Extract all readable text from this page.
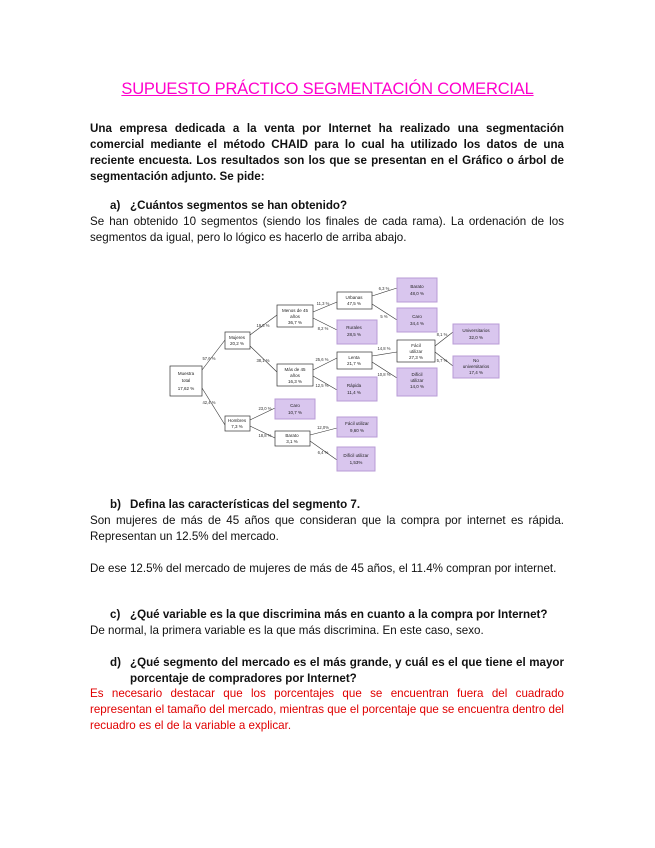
SUPUESTO PRÁCTICO SEGMENTACIÓN COMERCIAL
Una empresa dedicada a la venta por Internet ha realizado una segmentación comercial mediante el método CHAID para lo cual ha utilizado los datos de una reciente encuesta. Los resultados son los que se presentan en el Gráfico o árbol de segmentación adjunto. Se pide:
a) ¿Cuántos segmentos se han obtenido?
Se han obtenido 10 segmentos (siendo los finales de cada rama). La ordenación de los segmentos da igual, pero lo lógico es hacerlo de arriba abajo.
Muestra
total
17,62 %
Mujeres
20,2 %
Hombres
7,3 %
Menos de 45
años
36,7 %
Más de 45
años
16,3 %
Urbanas
47,5 %
Rurales
28,5 %
Lenta
21,7 %
Rápida
11,4 %
Barato
48,0 %
Caro
34,4 %
Fácil
utilizar
27,3 %
Difícil
utilizar
14,0 %
Universitarios
32,0 %
No
universitarios
17,4 %
Caro
10,7 %
Barato
3,1 %
Fácil utilizar
9,60 %
Difícil utilizar
1,53%
57,6 %
42,4 %
19,5 %
38,1 %
11,3 %
8,2 %
25,6 %
12,5 %
6,3 %
5 %
14,8 %
10,8 %
8,1 %
5,7 %
23,0 %
18,8 %
12,0%
6,4 %
b) Defina las características del segmento 7.
Son mujeres de más de 45 años que consideran que la compra por internet es rápida. Representan un 12.5% del mercado.
De ese 12.5% del mercado de mujeres de más de 45 años, el 11.4% compran por internet.
c) ¿Qué variable es la que discrimina más en cuanto a la compra por Internet?
De normal, la primera variable es la que más discrimina. En este caso, sexo.
d) ¿Qué segmento del mercado es el más grande, y cuál es el que tiene el mayor porcentaje de compradores por Internet?
Es necesario destacar que los porcentajes que se encuentran fuera del cuadrado representan el tamaño del mercado, mientras que el porcentaje que se encuentra dentro del recuadro es el de la variable a explicar.
